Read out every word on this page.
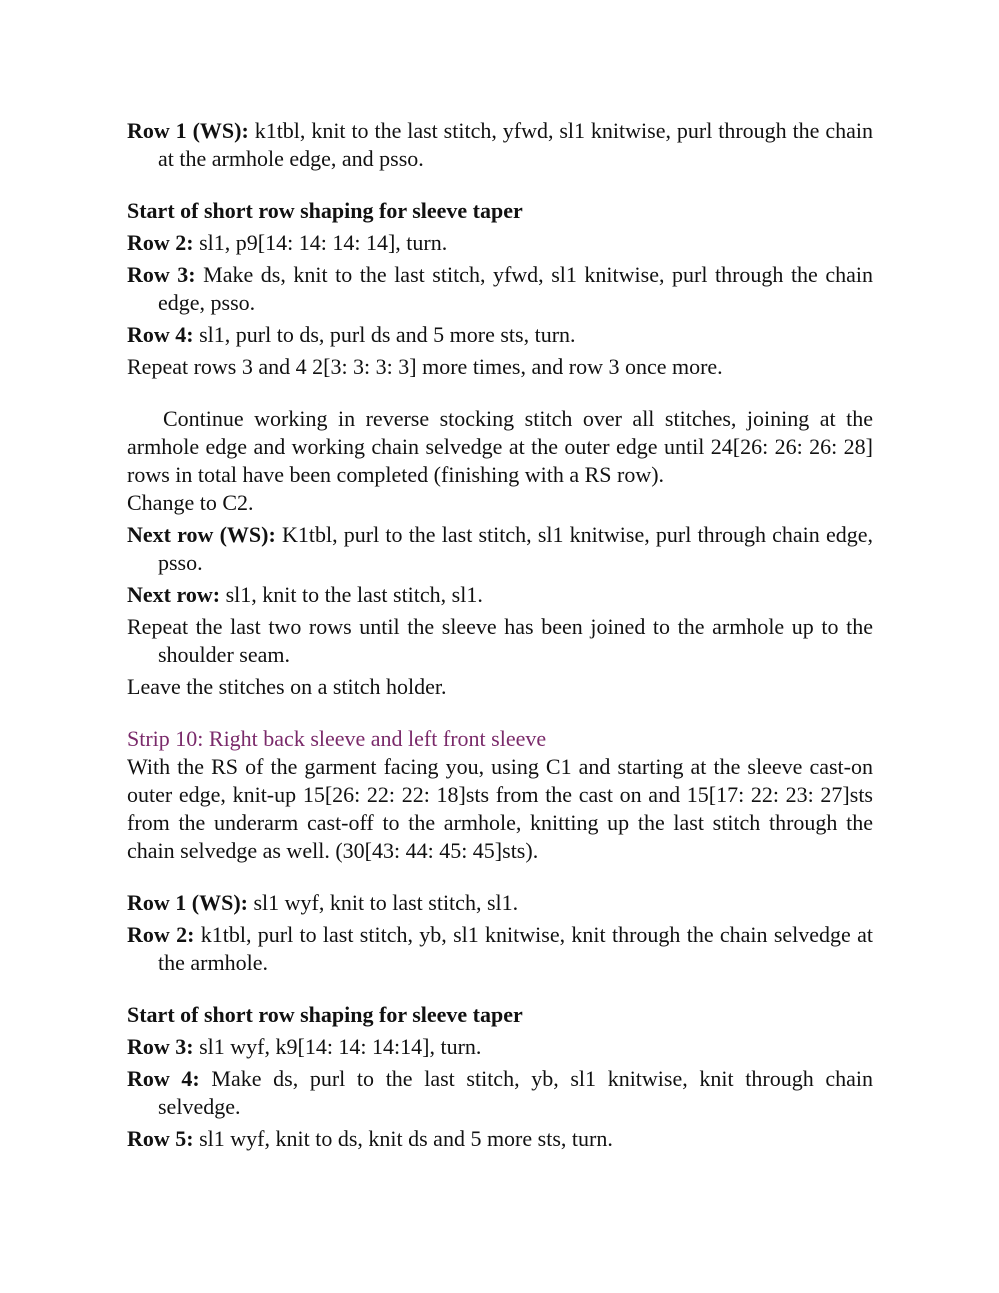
Row 1 (WS): k1tbl, knit to the last stitch, yfwd, sl1 knitwise, purl through the chain at the armhole edge, and psso.

Start of short row shaping for sleeve taper

Row 2: sl1, p9[14: 14: 14: 14], turn.

Row 3: Make ds, knit to the last stitch, yfwd, sl1 knitwise, purl through the chain edge, psso.

Row 4: sl1, purl to ds, purl ds and 5 more sts, turn.

Repeat rows 3 and 4 2[3: 3: 3: 3] more times, and row 3 once more.

Continue working in reverse stocking stitch over all stitches, joining at the armhole edge and working chain selvedge at the outer edge until 24[26: 26: 26: 28] rows in total have been completed (finishing with a RS row).

Change to C2.

Next row (WS): K1tbl, purl to the last stitch, sl1 knitwise, purl through chain edge, psso.

Next row: sl1, knit to the last stitch, sl1.

Repeat the last two rows until the sleeve has been joined to the armhole up to the shoulder seam.

Leave the stitches on a stitch holder.

Strip 10: Right back sleeve and left front sleeve

With the RS of the garment facing you, using C1 and starting at the sleeve cast-on outer edge, knit-up 15[26: 22: 22: 18]sts from the cast on and 15[17: 22: 23: 27]sts from the underarm cast-off to the armhole, knitting up the last stitch through the chain selvedge as well. (30[43: 44: 45: 45]sts).

Row 1 (WS): sl1 wyf, knit to last stitch, sl1.

Row 2: k1tbl, purl to last stitch, yb, sl1 knitwise, knit through the chain selvedge at the armhole.

Start of short row shaping for sleeve taper

Row 3: sl1 wyf, k9[14: 14: 14:14], turn.

Row 4: Make ds, purl to the last stitch, yb, sl1 knitwise, knit through chain selvedge.

Row 5: sl1 wyf, knit to ds, knit ds and 5 more sts, turn.
